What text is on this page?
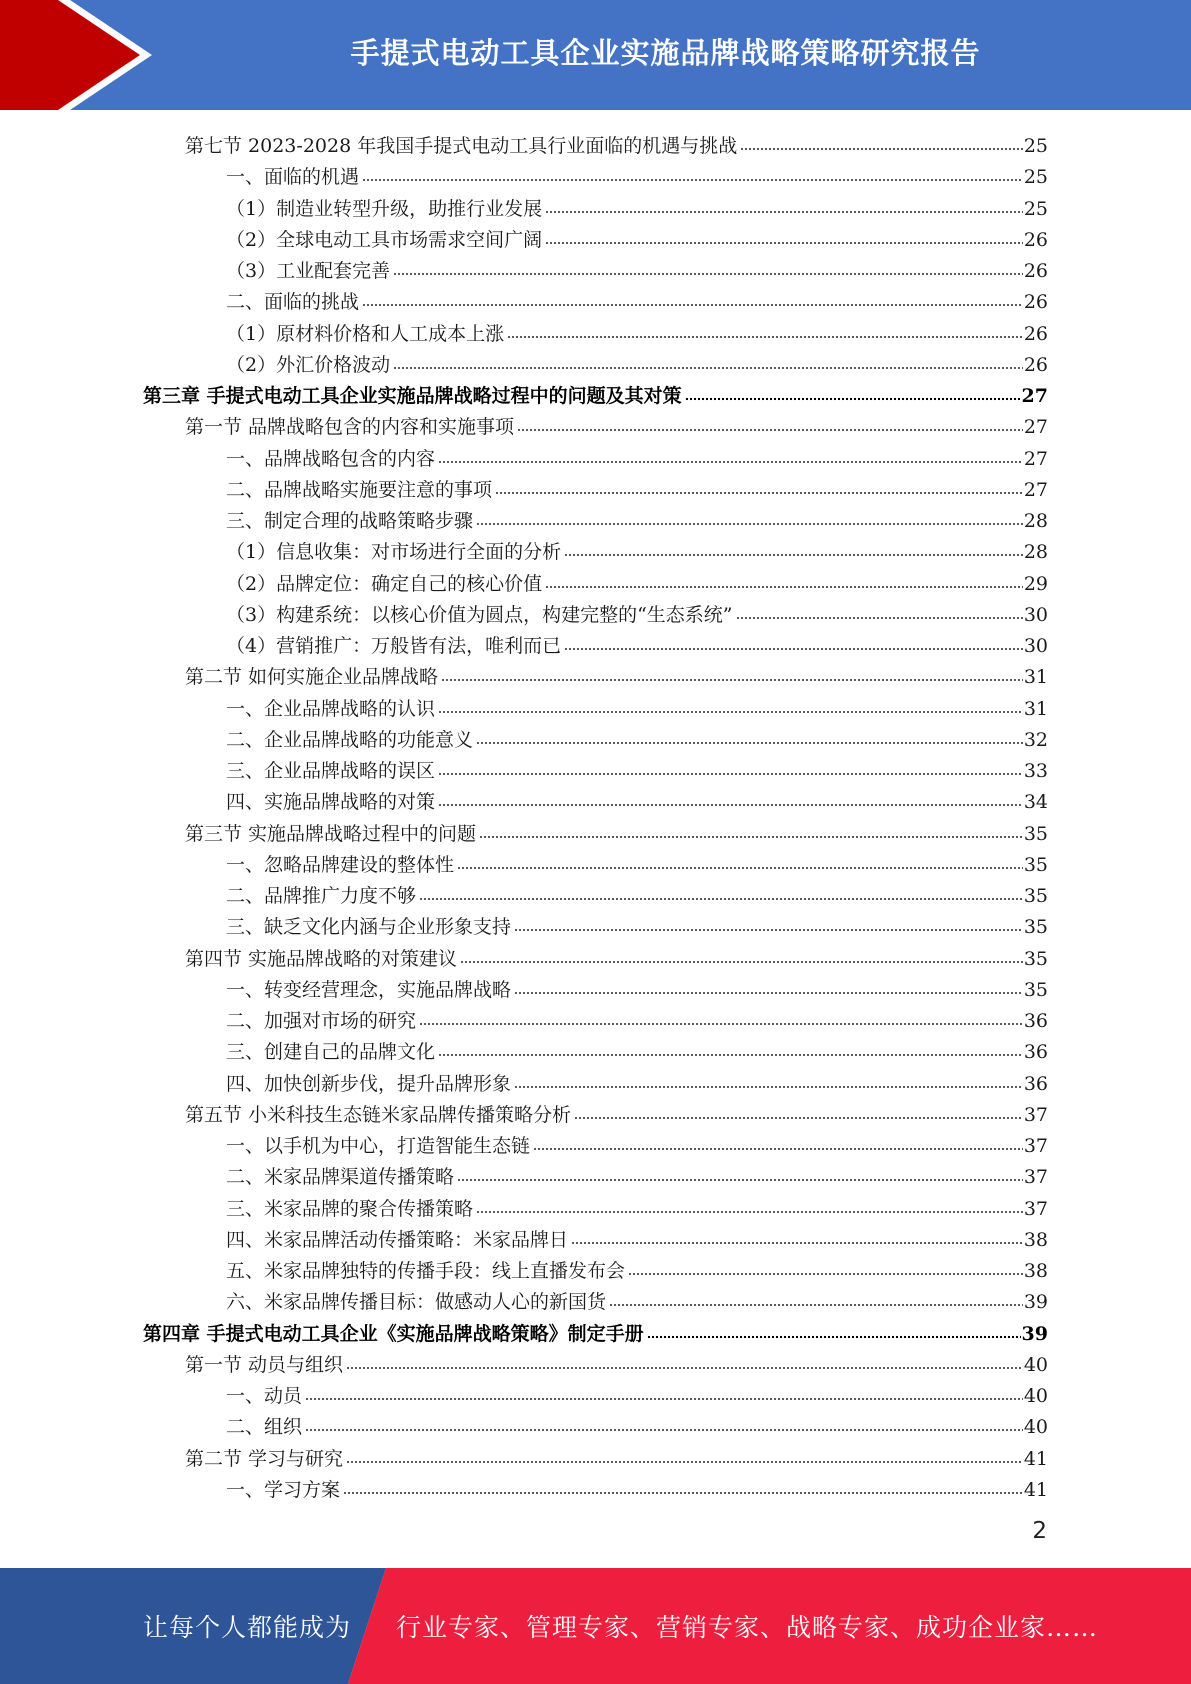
手提式电动工具企业实施品牌战略策略研究报告
第七节 2023-2028 年我国手提式电动工具行业面临的机遇与挑战	25
一、面临的机遇	25
（1）制造业转型升级，助推行业发展	25
（2）全球电动工具市场需求空间广阔	26
（3）工业配套完善	26
二、面临的挑战	26
（1）原材料价格和人工成本上涨	26
（2）外汇价格波动	26
第三章 手提式电动工具企业实施品牌战略过程中的问题及其对策	27
第一节 品牌战略包含的内容和实施事项	27
一、品牌战略包含的内容	27
二、品牌战略实施要注意的事项	27
三、制定合理的战略策略步骤	28
（1）信息收集：对市场进行全面的分析	28
（2）品牌定位：确定自己的核心价值	29
（3）构建系统：以核心价值为圆点，构建完整的“生态系统”	30
（4）营销推广：万般皆有法，唯利而已	30
第二节 如何实施企业品牌战略	31
一、企业品牌战略的认识	31
二、企业品牌战略的功能意义	32
三、企业品牌战略的误区	33
四、实施品牌战略的对策	34
第三节 实施品牌战略过程中的问题	35
一、忽略品牌建设的整体性	35
二、品牌推广力度不够	35
三、缺乏文化内涵与企业形象支持	35
第四节 实施品牌战略的对策建议	35
一、转变经营理念，实施品牌战略	35
二、加强对市场的研究	36
三、创建自己的品牌文化	36
四、加快创新步伐，提升品牌形象	36
第五节 小米科技生态链米家品牌传播策略分析	37
一、以手机为中心，打造智能生态链	37
二、米家品牌渠道传播策略	37
三、米家品牌的聚合传播策略	37
四、米家品牌活动传播策略：米家品牌日	38
五、米家品牌独特的传播手段：线上直播发布会	38
六、米家品牌传播目标：做感动人心的新国货	39
第四章 手提式电动工具企业《实施品牌战略策略》制定手册	39
第一节 动员与组织	40
一、动员	40
二、组织	40
第二节 学习与研究	41
一、学习方案	41
2
让每个人都能成为 行业专家、管理专家、营销专家、战略专家、成功企业家……
